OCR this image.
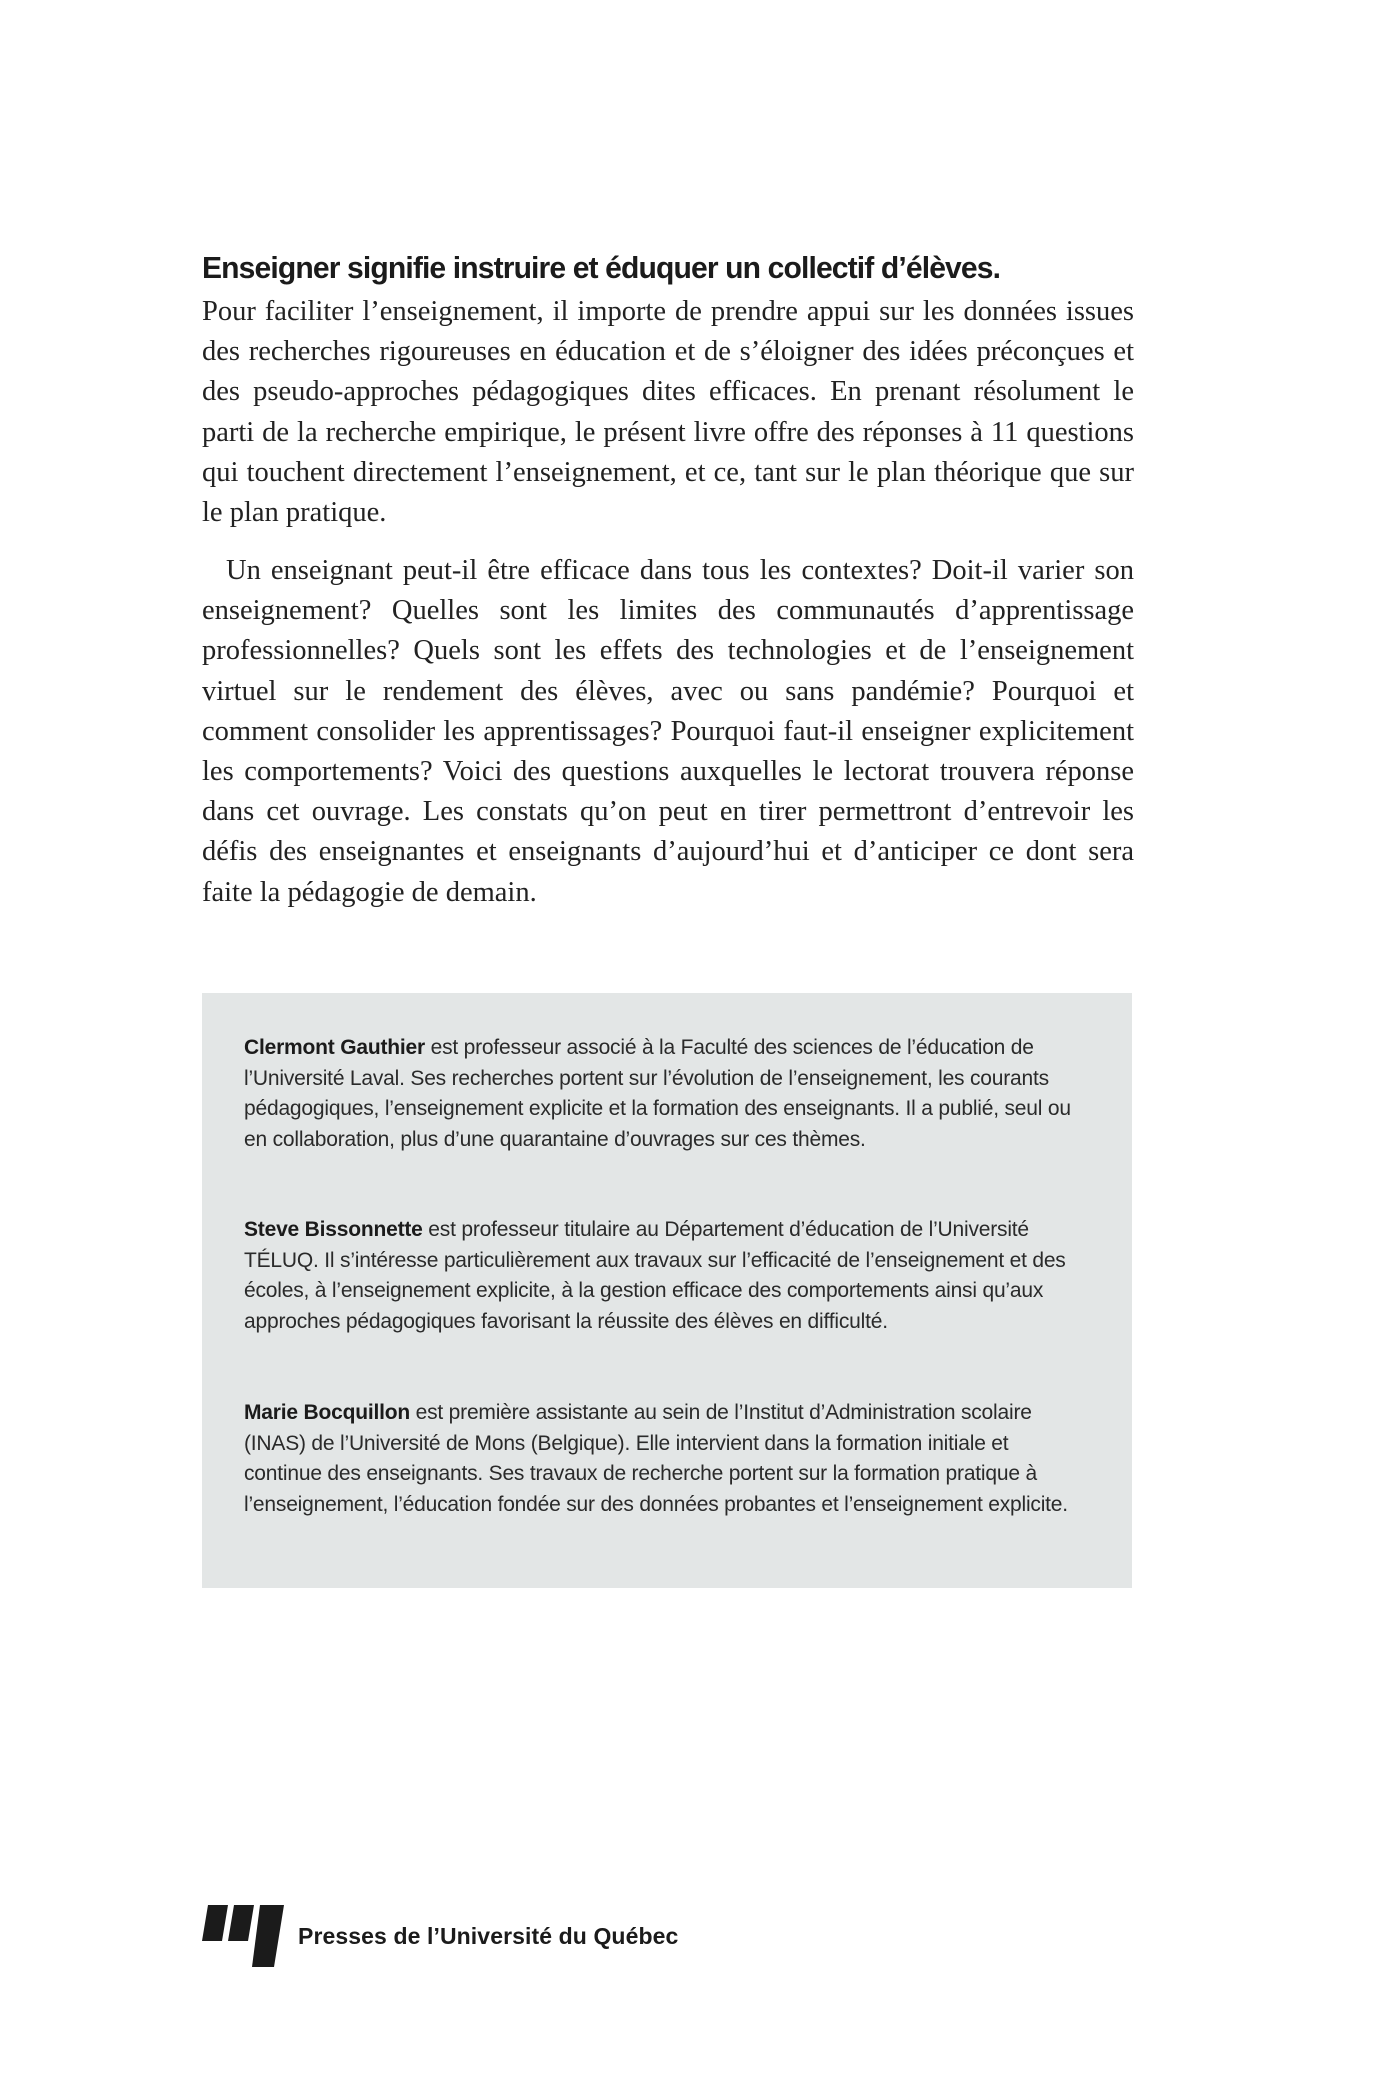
Enseigner signifie instruire et éduquer un collectif d’élèves.

Pour faciliter l’enseignement, il importe de prendre appui sur les données issues des recherches rigoureuses en éducation et de s’éloigner des idées préconçues et des pseudo-approches pédagogiques dites efficaces. En prenant résolument le parti de la recherche empirique, le présent livre offre des réponses à 11 questions qui touchent directement l’enseignement, et ce, tant sur le plan théorique que sur le plan pratique.

Un enseignant peut-il être efficace dans tous les contextes? Doit-il varier son enseignement? Quelles sont les limites des communautés d’apprentissage professionnelles? Quels sont les effets des technologies et de l’enseignement virtuel sur le rendement des élèves, avec ou sans pandémie? Pourquoi et comment consolider les apprentissages? Pourquoi faut-il enseigner explicitement les comportements? Voici des questions auxquelles le lectorat trouvera réponse dans cet ouvrage. Les constats qu’on peut en tirer permettront d’entrevoir les défis des enseignantes et enseignants d’aujourd’hui et d’anticiper ce dont sera faite la pédagogie de demain.

Clermont Gauthier est professeur associé à la Faculté des sciences de l’éducation de l’Université Laval. Ses recherches portent sur l’évolution de l’enseignement, les courants pédagogiques, l’enseignement explicite et la formation des enseignants. Il a publié, seul ou en collaboration, plus d’une quarantaine d’ouvrages sur ces thèmes.

Steve Bissonnette est professeur titulaire au Département d’éducation de l’Université TÉLUQ. Il s’intéresse particulièrement aux travaux sur l’efficacité de l’enseignement et des écoles, à l’enseignement explicite, à la gestion efficace des comportements ainsi qu’aux approches pédagogiques favorisant la réussite des élèves en difficulté.

Marie Bocquillon est première assistante au sein de l’Institut d’Administration scolaire (INAS) de l’Université de Mons (Belgique). Elle intervient dans la formation initiale et continue des enseignants. Ses travaux de recherche portent sur la formation pratique à l’enseignement, l’éducation fondée sur des données probantes et l’enseignement explicite.

Presses de l’Université du Québec
